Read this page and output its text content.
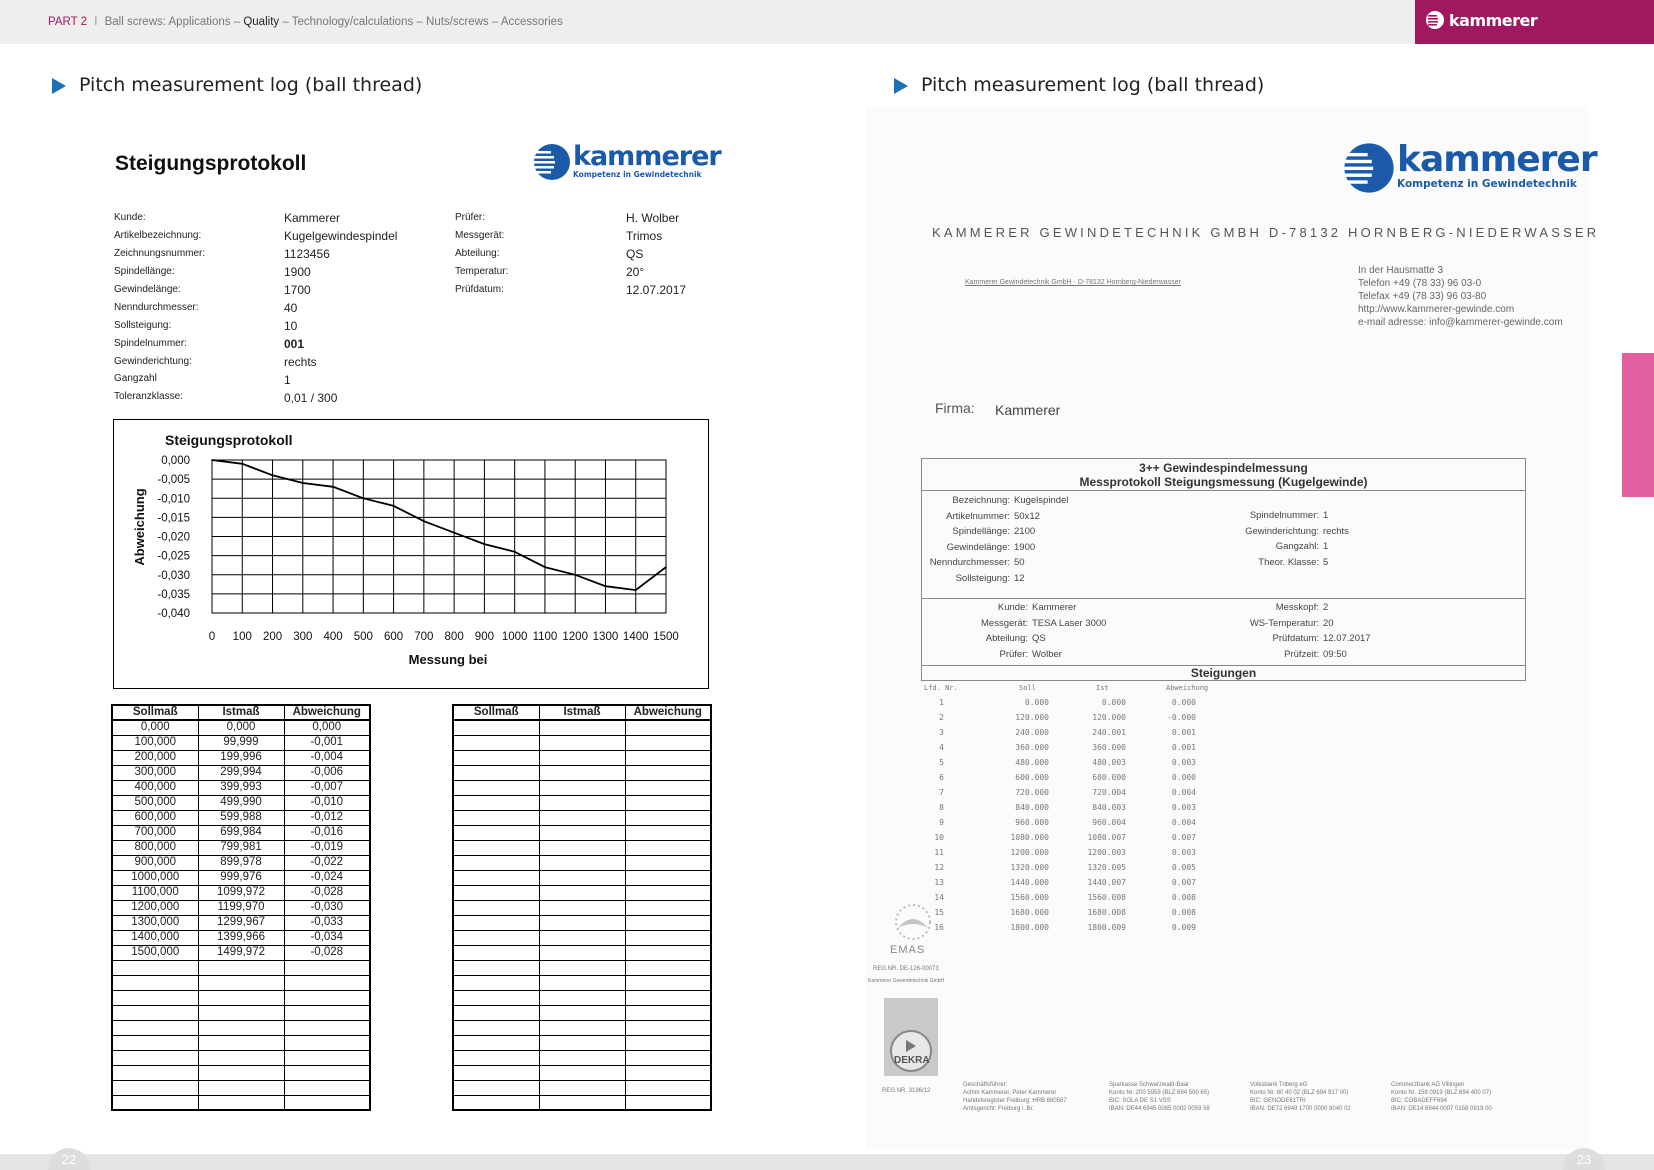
PART 2 I Ball screws: Applications – Quality – Technology/calculations – Nuts/screws – Accessories	kammerer
Pitch measurement log (ball thread)	Pitch measurement log (ball thread)
Steigungsprotokoll	kammerer
Kompetenz in Gewindetechnik
Kunde:	Kammerer
Artikelbezeichnung:	Kugelgewindespindel
Zeichnungsnummer:	1123456
Spindellänge:	1900
Gewindelänge:	1700
Nenndurchmesser:	40
Sollsteigung:	10
Spindelnummer:	001
Gewinderichtung:	rechts
Gangzahl	1
Toleranzklasse:	0,01 / 300
Prüfer:	H. Wolber
Messgerät:	Trimos
Abteilung:	QS
Temperatur:	20°
Prüfdatum:	12.07.2017
Steigungsprotokoll
Abweichung
Messung bei
0,000
-0,005
-0,010
-0,015
-0,020
-0,025
-0,030
-0,035
-0,040
0 100 200 300 400 500 600 700 800 900 1000 1100 1200 1300 1400 1500
Sollmaß	Istmaß	Abweichung
0,000	0,000	0,000
100,000	99,999	-0,001
200,000	199,996	-0,004
300,000	299,994	-0,006
400,000	399,993	-0,007
500,000	499,990	-0,010
600,000	599,988	-0,012
700,000	699,984	-0,016
800,000	799,981	-0,019
900,000	899,978	-0,022
1000,000	999,976	-0,024
1100,000	1099,972	-0,028
1200,000	1199,970	-0,030
1300,000	1299,967	-0,033
1400,000	1399,966	-0,034
1500,000	1499,972	-0,028

Sollmaß	Istmaß	Abweichung

kammerer
Kompetenz in Gewindetechnik
KAMMERER GEWINDETECHNIK GMBH D-78132 HORNBERG-NIEDERWASSER
Kammerer Gewindetechnik GmbH · D-78132 Hornberg-Niederwasser
In der Hausmatte 3
Telefon +49 (78 33) 96 03-0
Telefax +49 (78 33) 96 03-80
http://www.kammerer-gewinde.com
e-mail adresse: info@kammerer-gewinde.com
Firma: Kammerer
3++ Gewindespindelmessung
Messprotokoll Steigungsmessung (Kugelgewinde)
Bezeichnung: Kugelspindel
Artikelnummer: 50x12
Spindellänge: 2100
Gewindelänge: 1900
Nenndurchmesser: 50
Sollsteigung: 12
Spindelnummer: 1
Gewinderichtung: rechts
Gangzahl: 1
Theor. Klasse: 5
Kunde: Kammerer
Messgerät: TESA Laser 3000
Abteilung: QS
Prüfer: Wolber
Messkopf: 2
WS-Temperatur: 20
Prüfdatum: 12.07.2017
Prüfzeit: 09:50
Steigungen
Lfd. Nr.	Soll	Ist	Abweichung
1	0.000	0.000	0.000
2	120.000	120.000	-0.000
3	240.000	240.001	0.001
4	360.000	360.000	0.001
5	480.000	480.003	0.003
6	600.000	600.000	0.000
7	720.000	720.004	0.004
8	840.000	840.003	0.003
9	960.000	960.004	0.004
10	1080.000	1080.007	0.007
11	1200.000	1200.003	0.003
12	1320.000	1320.005	0.005
13	1440.000	1440.007	0.007
14	1560.000	1560.008	0.008
15	1680.000	1680.008	0.008
16	1800.000	1800.009	0.009
EMAS
REG.NR. DE-126-00073
Kammerer Gewindetechnik GmbH
DEKRA
REG.NR. 3196/12
Geschäftsführer:
Achim Kammerer, Peter Kammerer
Handelsregister Freiburg: HRB 680587
Amtsgericht: Freiburg i. Br.
Sparkasse Schwarzwald-Baar
Konto Nr. 200 5959 (BLZ 694 500 65)
BIC: SOLA DE S1 VSS
IBAN: DE44 6945 0065 0002 0059 59
Volksbank Triberg eG
Konto Nr. 80 40 02 (BLZ 694 917 00)
BIC: GENODE61TRI
IBAN: DE72 6949 1700 0000 8040 02
Commerzbank AG Villingen
Konto Nr. 158 0919 (BLZ 694 400 07)
BIC: COBADEFF694
IBAN: DE14 6944 0007 0158 0919 00
22	23
